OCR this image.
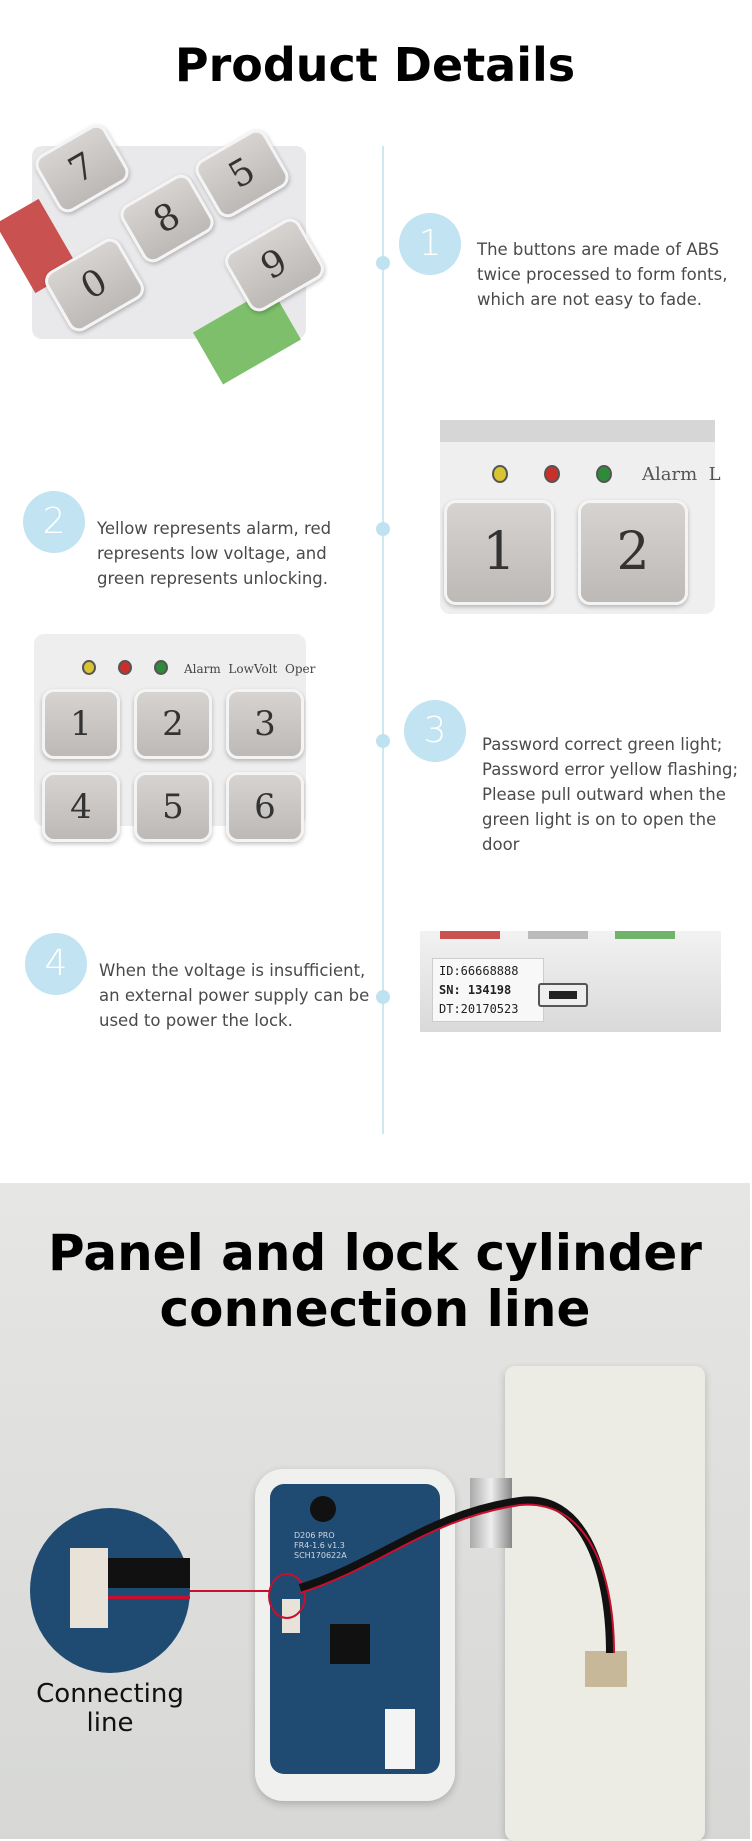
Product Details
7	5
8
0	9	1	The buttons are made of ABS twice processed to form fonts, which are not easy to fade.

2	Yellow represents alarm, red represents low voltage, and green represents unlocking.

Alarm L
1	2
Alarm LowVolt Oper
1	2	3
4	5	6
3	Password correct green light; Password error yellow flashing; Please pull outward when the green light is on to open the door

4	When the voltage is insufficient, an external power supply can be used to power the lock.

ID:66668888
SN: 134198
DT:20170523
Panel and lock cylinder
connection line
D206 PRO
FR4-1.6 v1.3
SCH170622A
Connecting line
